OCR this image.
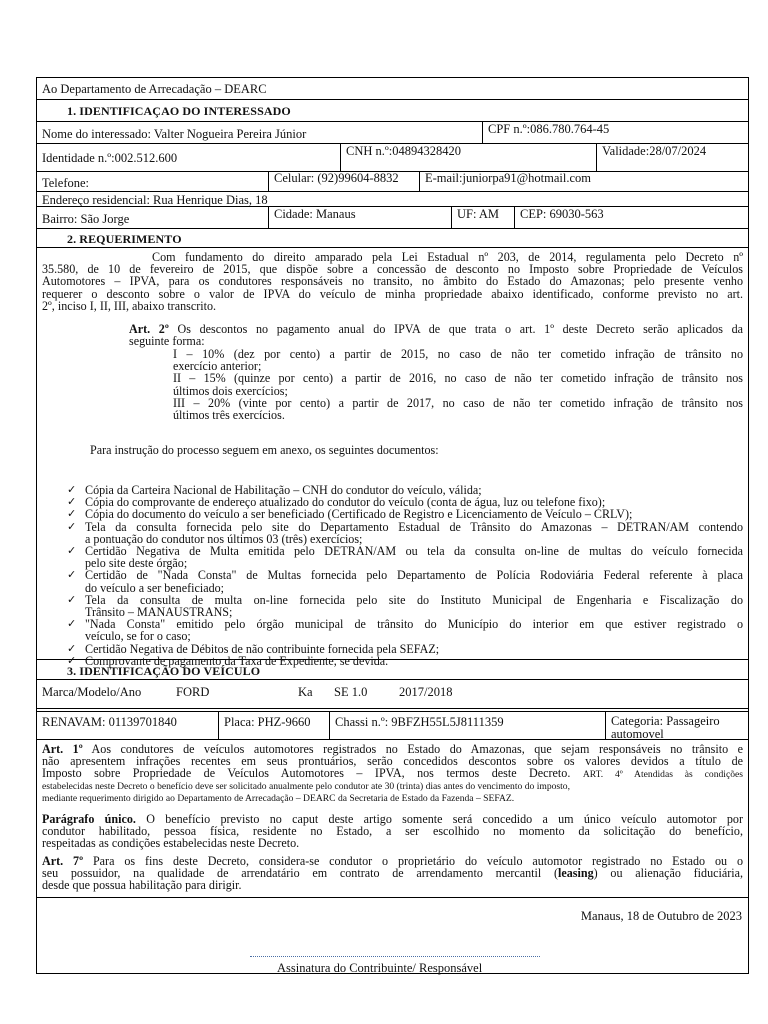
Ao Departamento de Arrecadação – DEARC
1. IDENTIFICAÇAO DO INTERESSADO
Nome do interessado: Valter Nogueira Pereira Júnior	CPF n.º:086.780.764-45
Identidade n.º:002.512.600	CNH n.º:04894328420	Validade:28/07/2024
Telefone:	Celular: (92)99604-8832 E-mail:juniorpa91@hotmail.com
Endereço residencial: Rua Henrique Dias, 18
Bairro: São Jorge	Cidade: Manaus	UF: AM CEP: 69030-563
2. REQUERIMENTO
Com fundamento do direito amparado pela Lei Estadual nº 203, de 2014, regulamenta pelo Decreto nº
35.580, de 10 de fevereiro de 2015, que dispõe sobre a concessão de desconto no Imposto sobre Propriedade de Veículos
Automotores – IPVA, para os condutores responsáveis no transito, no âmbito do Estado do Amazonas; pelo presente venho
requerer o desconto sobre o valor de IPVA do veículo de minha propriedade abaixo identificado, conforme previsto no art.
2º, inciso I, II, III, abaixo transcrito.
Art. 2º Os descontos no pagamento anual do IPVA de que trata o art. 1º deste Decreto serão aplicados da
seguinte forma:
I – 10% (dez por cento) a partir de 2015, no caso de não ter cometido infração de trânsito no
exercício anterior;
II – 15% (quinze por cento) a partir de 2016, no caso de não ter cometido infração de trânsito nos
últimos dois exercícios;
III – 20% (vinte por cento) a partir de 2017, no caso de não ter cometido infração de trânsito nos
últimos três exercícios.
Para instrução do processo seguem em anexo, os seguintes documentos:
✓ Cópia da Carteira Nacional de Habilitação – CNH do condutor do veículo, válida;
✓ Cópia do comprovante de endereço atualizado do condutor do veículo (conta de água, luz ou telefone fixo);
✓ Cópia do documento do veículo a ser beneficiado (Certificado de Registro e Licenciamento de Veículo – CRLV);
✓ Tela da consulta fornecida pelo site do Departamento Estadual de Trânsito do Amazonas – DETRAN/AM contendo
a pontuação do condutor nos últimos 03 (três) exercícios;
✓ Certidão Negativa de Multa emitida pelo DETRAN/AM ou tela da consulta on-line de multas do veículo fornecida
pelo site deste órgão;
✓ Certidão de "Nada Consta" de Multas fornecida pelo Departamento de Polícia Rodoviária Federal referente à placa
do veículo a ser beneficiado;
✓ Tela da consulta de multa on-line fornecida pelo site do Instituto Municipal de Engenharia e Fiscalização do
Trânsito – MANAUSTRANS;
✓ "Nada Consta" emitido pelo órgão municipal de trânsito do Município do interior em que estiver registrado o
veículo, se for o caso;
✓ Certidão Negativa de Débitos de não contribuinte fornecida pela SEFAZ;
✓ Comprovante de pagamento da Taxa de Expediente, se devida.
3. IDENTIFICAÇÃO DO VEÍCULO
Marca/Modelo/Ano	FORD	Ka SE 1.0	2017/2018
RENAVAM: 01139701840	Placa: PHZ-9660 Chassi n.º: 9BFZH55L5J8111359	Categoria: Passageiro automovel
Art. 1º Aos condutores de veículos automotores registrados no Estado do Amazonas, que sejam responsáveis no trânsito e
não apresentem infrações recentes em seus prontuários, serão concedidos descontos sobre os valores devidos a título de
Imposto sobre Propriedade de Veículos Automotores – IPVA, nos termos deste Decreto. ART. 4º Atendidas às condições
estabelecidas neste Decreto o benefício deve ser solicitado anualmente pelo condutor ate 30 (trinta) dias antes do vencimento do imposto,
mediante requerimento dirigido ao Departamento de Arrecadação – DEARC da Secretaria de Estado da Fazenda – SEFAZ.
Parágrafo único. O benefício previsto no caput deste artigo somente será concedido a um único veículo automotor por
condutor habilitado, pessoa física, residente no Estado, a ser escolhido no momento da solicitação do benefício,
respeitadas as condições estabelecidas neste Decreto.
Art. 7º Para os fins deste Decreto, considera-se condutor o proprietário do veículo automotor registrado no Estado ou o
seu possuidor, na qualidade de arrendatário em contrato de arrendamento mercantil (leasing) ou alienação fiduciária,
desde que possua habilitação para dirigir.
Manaus, 18 de Outubro de 2023
Assinatura do Contribuinte/ Responsável
